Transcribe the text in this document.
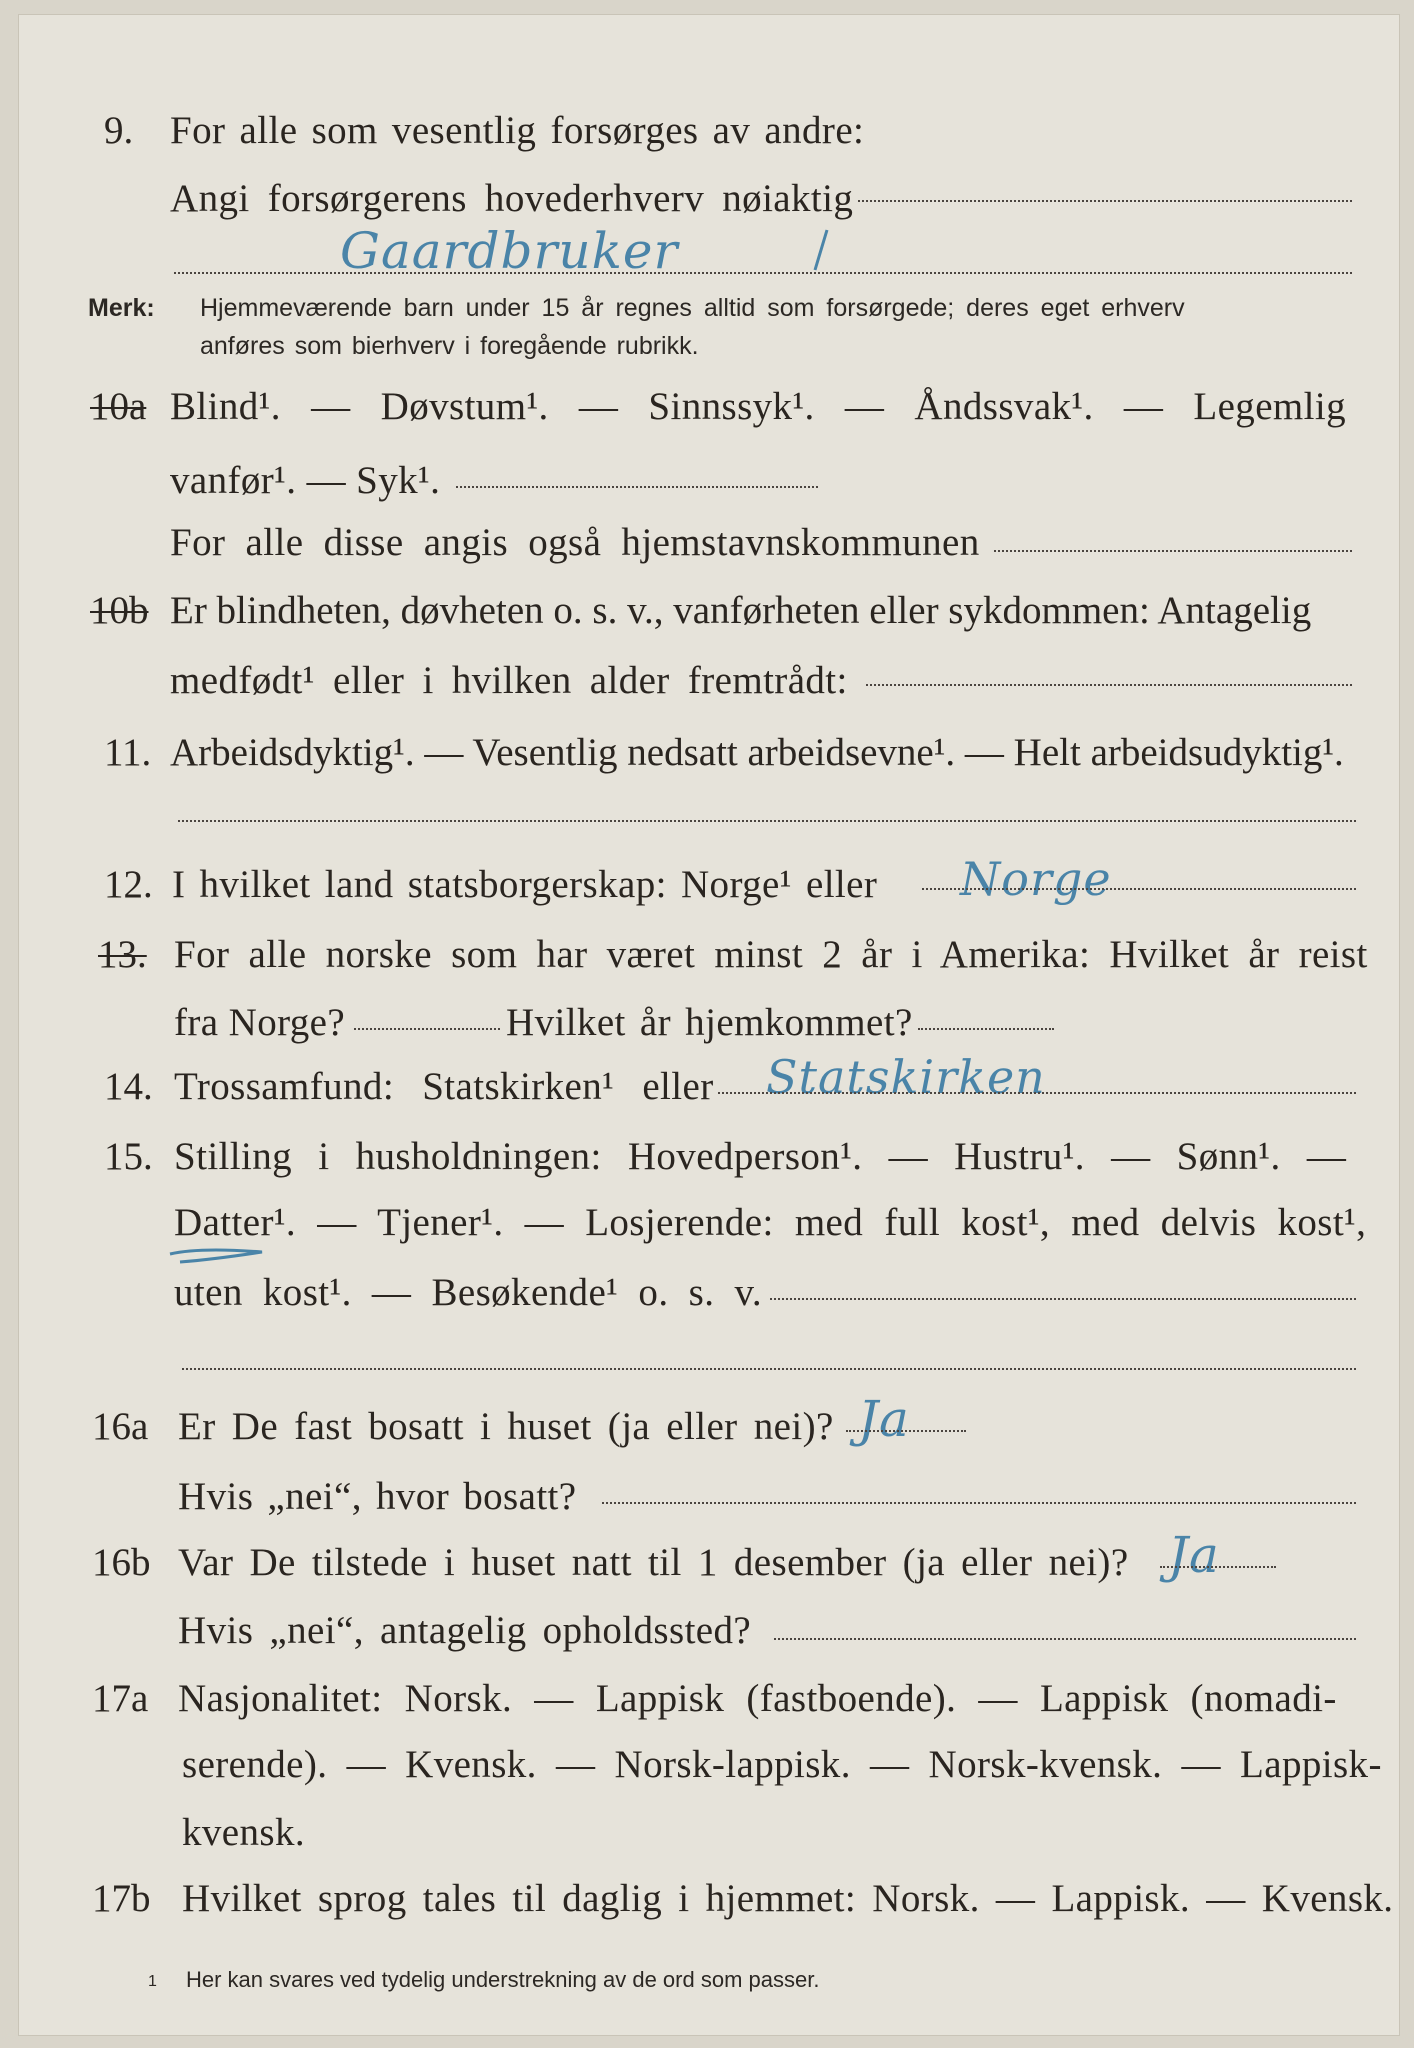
9. For alle som vesentlig forsørges av andre:
Angi forsørgerens hovederhverv nøiaktig
Gaardbruker
Merk: Hjemmeværende barn under 15 år regnes alltid som forsørgede; deres eget erhverv
anføres som bierhverv i foregående rubrikk.
10a Blind¹. — Døvstum¹. — Sinnssyk¹. — Åndssvak¹. — Legemlig
vanfør¹. — Syk¹.
For alle disse angis også hjemstavnskommunen
10b Er blindheten, døvheten o. s. v., vanførheten eller sykdommen: Antagelig
medfødt¹ eller i hvilken alder fremtrådt:
11. Arbeidsdyktig¹. — Vesentlig nedsatt arbeidsevne¹. — Helt arbeidsudyktig¹.
12. I hvilket land statsborgerskap: Norge¹ eller Norge
13. For alle norske som har været minst 2 år i Amerika: Hvilket år reist
fra Norge?	Hvilket år hjemkommet?
14. Trossamfund: Statskirken¹ eller Statskirken
15. Stilling i husholdningen: Hovedperson¹. — Hustru¹. — Sønn¹. —
Datter¹. — Tjener¹. — Losjerende: med full kost¹, med delvis kost¹,
uten kost¹. — Besøkende¹ o. s. v.
16a Er De fast bosatt i huset (ja eller nei)? Ja
Hvis „nei“, hvor bosatt?
16b Var De tilstede i huset natt til 1 desember (ja eller nei)? Ja
Hvis „nei“, antagelig opholdssted?
17a Nasjonalitet: Norsk. — Lappisk (fastboende). — Lappisk (nomadi-
serende). — Kvensk. — Norsk-lappisk. — Norsk-kvensk. — Lappisk-
kvensk.
17b Hvilket sprog tales til daglig i hjemmet: Norsk. — Lappisk. — Kvensk.
1 Her kan svares ved tydelig understrekning av de ord som passer.
